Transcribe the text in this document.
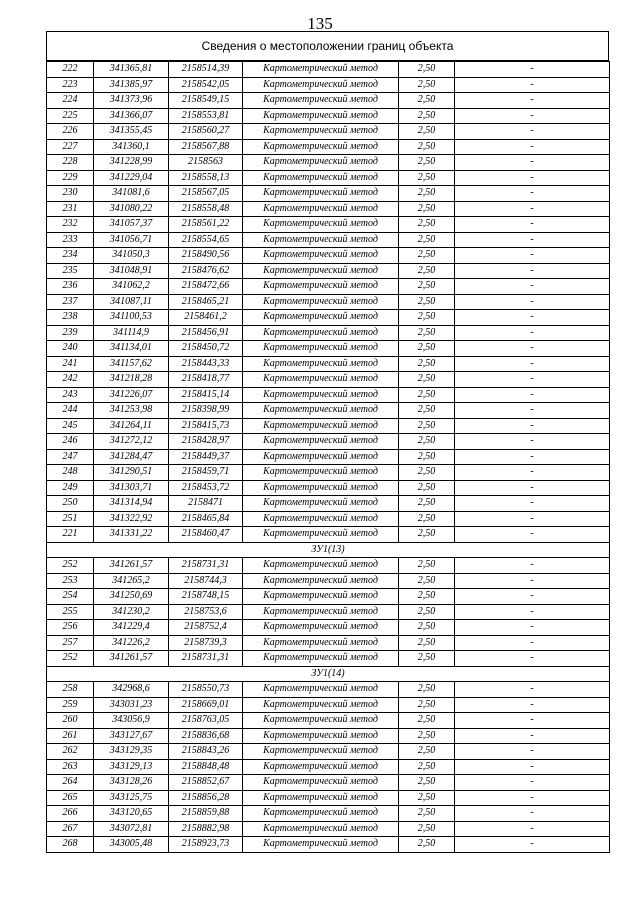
135
Сведения о местоположении границ объекта
222	341365,81	2158514,39	Картометрический метод	2,50	-
223	341385,97	2158542,05	Картометрический метод	2,50	-
224	341373,96	2158549,15	Картометрический метод	2,50	-
225	341366,07	2158553,81	Картометрический метод	2,50	-
226	341355,45	2158560,27	Картометрический метод	2,50	-
227	341360,1	2158567,88	Картометрический метод	2,50	-
228	341228,99	2158563	Картометрический метод	2,50	-
229	341229,04	2158558,13	Картометрический метод	2,50	-
230	341081,6	2158567,05	Картометрический метод	2,50	-
231	341080,22	2158558,48	Картометрический метод	2,50	-
232	341057,37	2158561,22	Картометрический метод	2,50	-
233	341056,71	2158554,65	Картометрический метод	2,50	-
234	341050,3	2158490,56	Картометрический метод	2,50	-
235	341048,91	2158476,62	Картометрический метод	2,50	-
236	341062,2	2158472,66	Картометрический метод	2,50	-
237	341087,11	2158465,21	Картометрический метод	2,50	-
238	341100,53	2158461,2	Картометрический метод	2,50	-
239	341114,9	2158456,91	Картометрический метод	2,50	-
240	341134,01	2158450,72	Картометрический метод	2,50	-
241	341157,62	2158443,33	Картометрический метод	2,50	-
242	341218,28	2158418,77	Картометрический метод	2,50	-
243	341226,07	2158415,14	Картометрический метод	2,50	-
244	341253,98	2158398,99	Картометрический метод	2,50	-
245	341264,11	2158415,73	Картометрический метод	2,50	-
246	341272,12	2158428,97	Картометрический метод	2,50	-
247	341284,47	2158449,37	Картометрический метод	2,50	-
248	341290,51	2158459,71	Картометрический метод	2,50	-
249	341303,71	2158453,72	Картометрический метод	2,50	-
250	341314,94	2158471	Картометрический метод	2,50	-
251	341322,92	2158465,84	Картометрический метод	2,50	-
221	341331,22	2158460,47	Картометрический метод	2,50	-
ЗУ1(13)					
252	341261,57	2158731,31	Картометрический метод	2,50	-
253	341265,2	2158744,3	Картометрический метод	2,50	-
254	341250,69	2158748,15	Картометрический метод	2,50	-
255	341230,2	2158753,6	Картометрический метод	2,50	-
256	341229,4	2158752,4	Картометрический метод	2,50	-
257	341226,2	2158739,3	Картометрический метод	2,50	-
252	341261,57	2158731,31	Картометрический метод	2,50	-
ЗУ1(14)					
258	342968,6	2158550,73	Картометрический метод	2,50	-
259	343031,23	2158669,01	Картометрический метод	2,50	-
260	343056,9	2158763,05	Картометрический метод	2,50	-
261	343127,67	2158836,68	Картометрический метод	2,50	-
262	343129,35	2158843,26	Картометрический метод	2,50	-
263	343129,13	2158848,48	Картометрический метод	2,50	-
264	343128,26	2158852,67	Картометрический метод	2,50	-
265	343125,75	2158856,28	Картометрический метод	2,50	-
266	343120,65	2158859,88	Картометрический метод	2,50	-
267	343072,81	2158882,98	Картометрический метод	2,50	-
268	343005,48	2158923,73	Картометрический метод	2,50	-
